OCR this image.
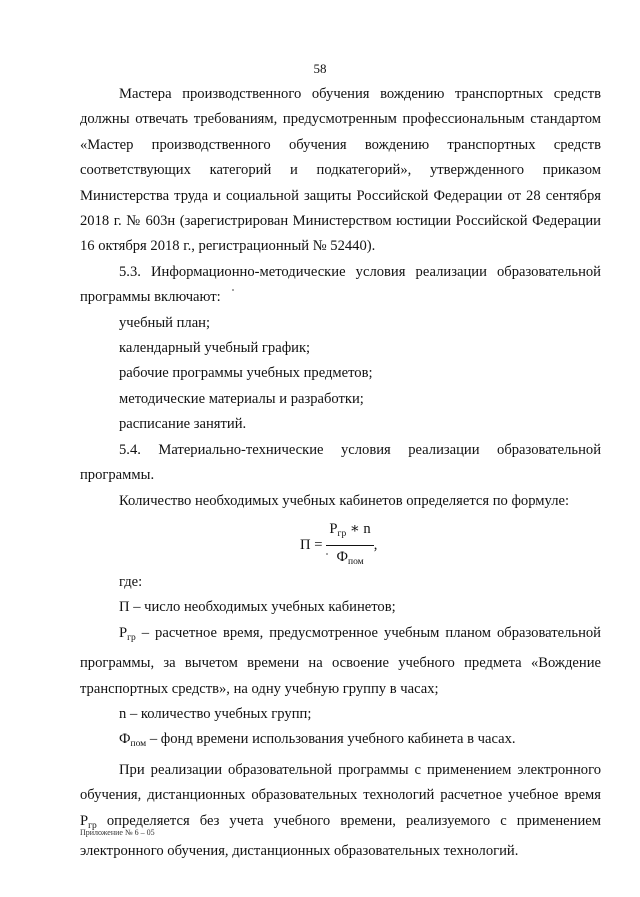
58

Мастера производственного обучения вождению транспортных средств должны отвечать требованиям, предусмотренным профессиональным стандартом «Мастер производственного обучения вождению транспортных средств соответствующих категорий и подкатегорий», утвержденного приказом Министерства труда и социальной защиты Российской Федерации от 28 сентября 2018 г. № 603н (зарегистрирован Министерством юстиции Российской Федерации 16 октября 2018 г., регистрационный № 52440).

5.3. Информационно-методические условия реализации образовательной программы включают:

учебный план;

календарный учебный график;

рабочие программы учебных предметов;

методические материалы и разработки;

расписание занятий.

5.4. Материально-технические условия реализации образовательной программы.

Количество необходимых учебных кабинетов определяется по формуле:

$П = \frac{Р_{гр} ∗ n}{Ф_{пом}}$ ,

где:

П – число необходимых учебных кабинетов;

$Р_{гр}$ – расчетное время, предусмотренное учебным планом образовательной программы, за вычетом времени на освоение учебного предмета «Вождение транспортных средств», на одну учебную группу в часах;

n – количество учебных групп;

$Ф_{пом}$ – фонд времени использования учебного кабинета в часах.

При реализации образовательной программы с применением электронного обучения, дистанционных образовательных технологий расчетное учебное время $Р_{гр}$ определяется без учета учебного времени, реализуемого с применением электронного обучения, дистанционных образовательных технологий.

Приложение № 6 – 05
